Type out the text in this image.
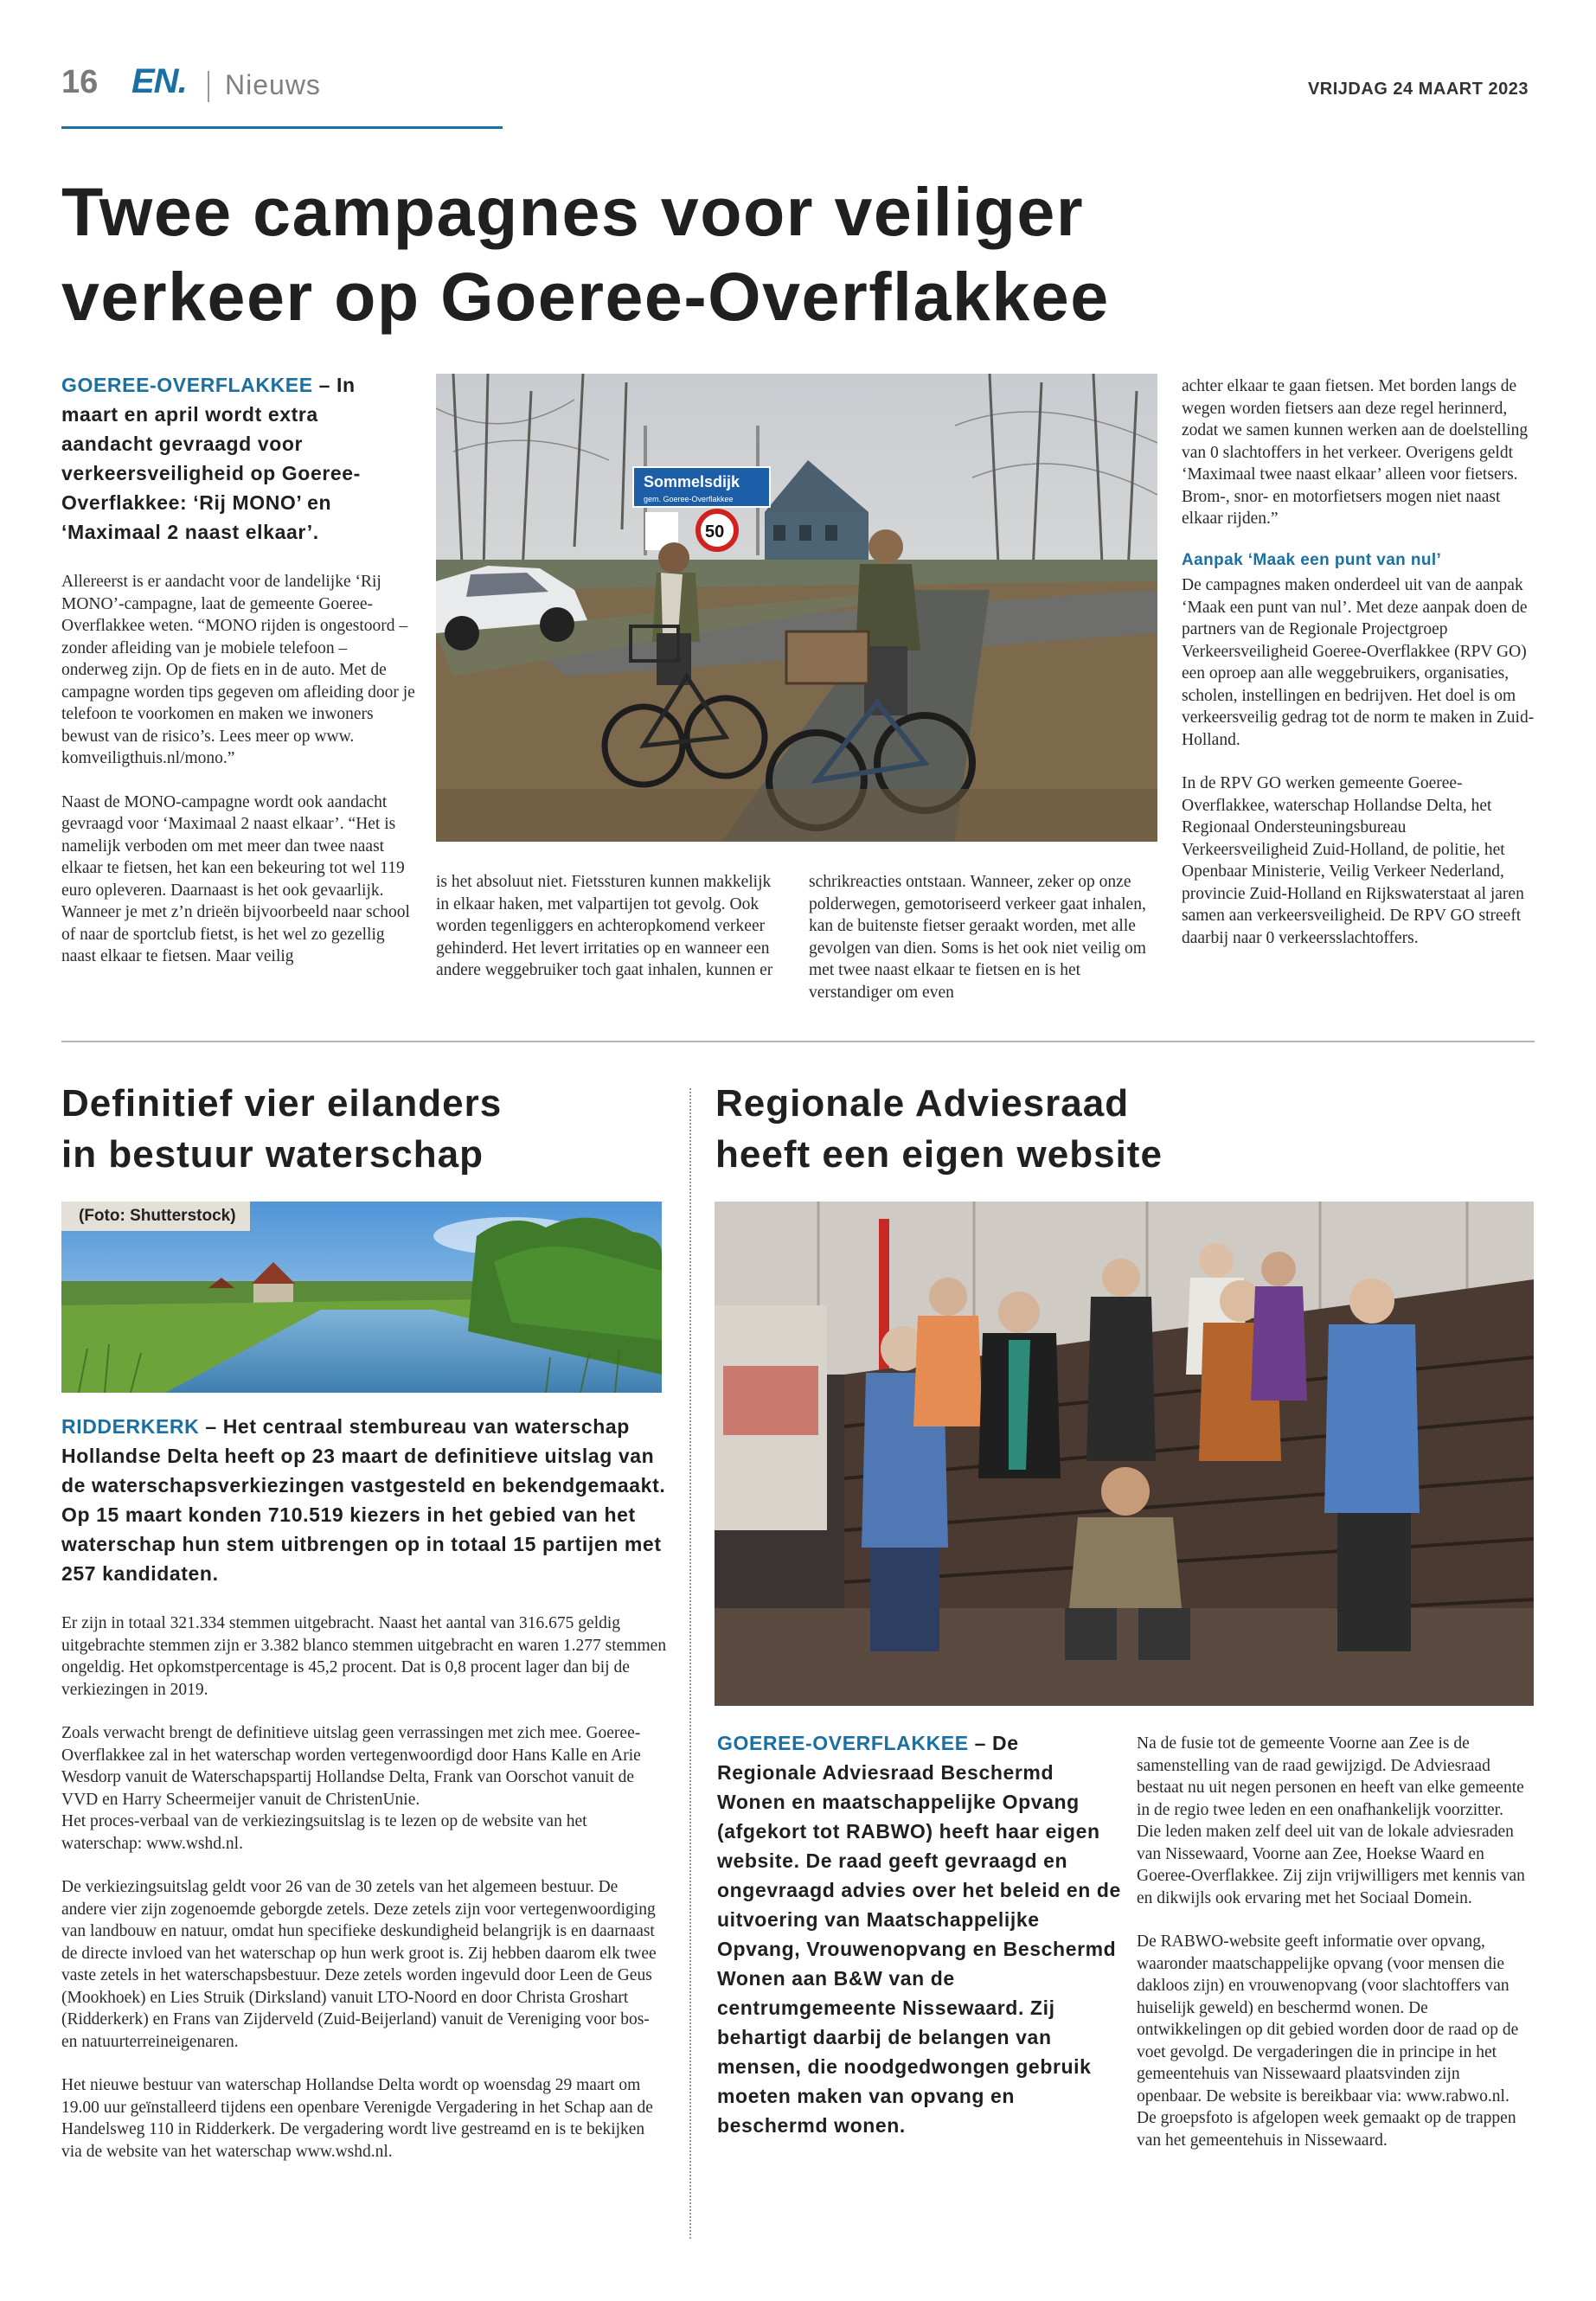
16 EN. Nieuws	VRIJDAG 24 MAART 2023
Twee campagnes voor veiliger
verkeer op Goeree-Overflakkee
GOEREE-OVERFLAKKEE – In maart en april wordt extra aandacht gevraagd voor verkeersveiligheid op Goeree-Overflakkee: ‘Rij MONO’ en ‘Maximaal 2 naast elkaar’.

Allereerst is er aandacht voor de landelijke ‘Rij MONO’-campagne, laat de gemeente Goeree-Overflakkee weten. “MONO rijden is ongestoord – zonder afleiding van je mobiele telefoon – onderweg zijn. Op de fiets en in de auto. Met de campagne worden tips gegeven om afleiding door je telefoon te voorkomen en maken we inwoners bewust van de risico’s. Lees meer op www. komveiligthuis.nl/mono.”

Naast de MONO-campagne wordt ook aandacht gevraagd voor ‘Maximaal 2 naast elkaar’. “Het is namelijk verboden om met meer dan twee naast elkaar te fietsen, het kan een bekeuring tot wel 119 euro opleveren. Daarnaast is het ook gevaarlijk. Wanneer je met z’n drieën bijvoorbeeld naar school of naar de sportclub fietst, is het wel zo gezellig naast elkaar te fietsen. Maar veilig

Sommelsdijk
gem. Goeree-Overflakkee
50

is het absoluut niet. Fietssturen kunnen makkelijk in elkaar haken, met valpartijen tot gevolg. Ook worden tegenliggers en achteropkomend verkeer gehinderd. Het levert irritaties op en wanneer een andere weggebruiker toch gaat inhalen, kunnen er

schrikreacties ontstaan. Wanneer, zeker op onze polderwegen, gemotoriseerd verkeer gaat inhalen, kan de buitenste fietser geraakt worden, met alle gevolgen van dien. Soms is het ook niet veilig om met twee naast elkaar te fietsen en is het verstandiger om even

achter elkaar te gaan fietsen. Met borden langs de wegen worden fietsers aan deze regel herinnerd, zodat we samen kunnen werken aan de doelstelling van 0 slachtoffers in het verkeer. Overigens geldt ‘Maximaal twee naast elkaar’ alleen voor fietsers. Brom-, snor- en motorfietsers mogen niet naast elkaar rijden.”

Aanpak ‘Maak een punt van nul’

De campagnes maken onderdeel uit van de aanpak ‘Maak een punt van nul’. Met deze aanpak doen de partners van de Regionale Projectgroep Verkeersveiligheid Goeree-Overflakkee (RPV GO) een oproep aan alle weggebruikers, organisaties, scholen, instellingen en bedrijven. Het doel is om verkeersveilig gedrag tot de norm te maken in Zuid-Holland.

In de RPV GO werken gemeente Goeree-Overflakkee, waterschap Hollandse Delta, het Regionaal Ondersteuningsbureau Verkeersveiligheid Zuid-Holland, de politie, het Openbaar Ministerie, Veilig Verkeer Nederland, provincie Zuid-Holland en Rijkswaterstaat al jaren samen aan verkeersveiligheid. De RPV GO streeft daarbij naar 0 verkeersslachtoffers.

Definitief vier eilanders
in bestuur waterschap
(Foto: Shutterstock)
RIDDERKERK – Het centraal stembureau van waterschap Hollandse Delta heeft op 23 maart de definitieve uitslag van de waterschapsverkiezingen vastgesteld en bekendgemaakt. Op 15 maart konden 710.519 kiezers in het gebied van het waterschap hun stem uitbrengen op in totaal 15 partijen met 257 kandidaten.

Er zijn in totaal 321.334 stemmen uitgebracht. Naast het aantal van 316.675 geldig uitgebrachte stemmen zijn er 3.382 blanco stemmen uitgebracht en waren 1.277 stemmen ongeldig. Het opkomstpercentage is 45,2 procent. Dat is 0,8 procent lager dan bij de verkiezingen in 2019.

Zoals verwacht brengt de definitieve uitslag geen verrassingen met zich mee. Goeree-Overflakkee zal in het waterschap worden vertegenwoordigd door Hans Kalle en Arie Wesdorp vanuit de Waterschapspartij Hollandse Delta, Frank van Oorschot vanuit de VVD en Harry Scheermeijer vanuit de ChristenUnie.

Het proces-verbaal van de verkiezingsuitslag is te lezen op de website van het waterschap: www.wshd.nl.

De verkiezingsuitslag geldt voor 26 van de 30 zetels van het algemeen bestuur. De andere vier zijn zogenoemde geborgde zetels. Deze zetels zijn voor vertegenwoordiging van landbouw en natuur, omdat hun specifieke deskundigheid belangrijk is en daarnaast de directe invloed van het waterschap op hun werk groot is. Zij hebben daarom elk twee vaste zetels in het waterschapsbestuur. Deze zetels worden ingevuld door Leen de Geus (Mookhoek) en Lies Struik (Dirksland) vanuit LTO-Noord en door Christa Groshart (Ridderkerk) en Frans van Zijderveld (Zuid-Beijerland) vanuit de Vereniging voor bos- en natuurterreineigenaren.

Het nieuwe bestuur van waterschap Hollandse Delta wordt op woensdag 29 maart om 19.00 uur geïnstalleerd tijdens een openbare Verenigde Vergadering in het Schap aan de Handelsweg 110 in Ridderkerk. De vergadering wordt live gestreamd en is te bekijken via de website van het waterschap www.wshd.nl.

Regionale Adviesraad
heeft een eigen website
GOEREE-OVERFLAKKEE – De Regionale Adviesraad Beschermd Wonen en maatschappelijke Opvang (afgekort tot RABWO) heeft haar eigen website. De raad geeft gevraagd en ongevraagd advies over het beleid en de uitvoering van Maatschappelijke Opvang, Vrouwenopvang en Beschermd Wonen aan B&W van de centrumgemeente Nissewaard. Zij behartigt daarbij de belangen van mensen, die noodgedwongen gebruik moeten maken van opvang en beschermd wonen.

Na de fusie tot de gemeente Voorne aan Zee is de samenstelling van de raad gewijzigd. De Adviesraad bestaat nu uit negen personen en heeft van elke gemeente in de regio twee leden en een onafhankelijk voorzitter. Die leden maken zelf deel uit van de lokale adviesraden van Nissewaard, Voorne aan Zee, Hoekse Waard en Goeree-Overflakkee. Zij zijn vrijwilligers met kennis van en dikwijls ook ervaring met het Sociaal Domein.

De RABWO-website geeft informatie over opvang, waaronder maatschappelijke opvang (voor mensen die dakloos zijn) en vrouwenopvang (voor slachtoffers van huiselijk geweld) en beschermd wonen. De ontwikkelingen op dit gebied worden door de raad op de voet gevolgd. De vergaderingen die in principe in het gemeentehuis van Nissewaard plaatsvinden zijn openbaar. De website is bereikbaar via: www.rabwo.nl. De groepsfoto is afgelopen week gemaakt op de trappen van het gemeentehuis in Nissewaard.
